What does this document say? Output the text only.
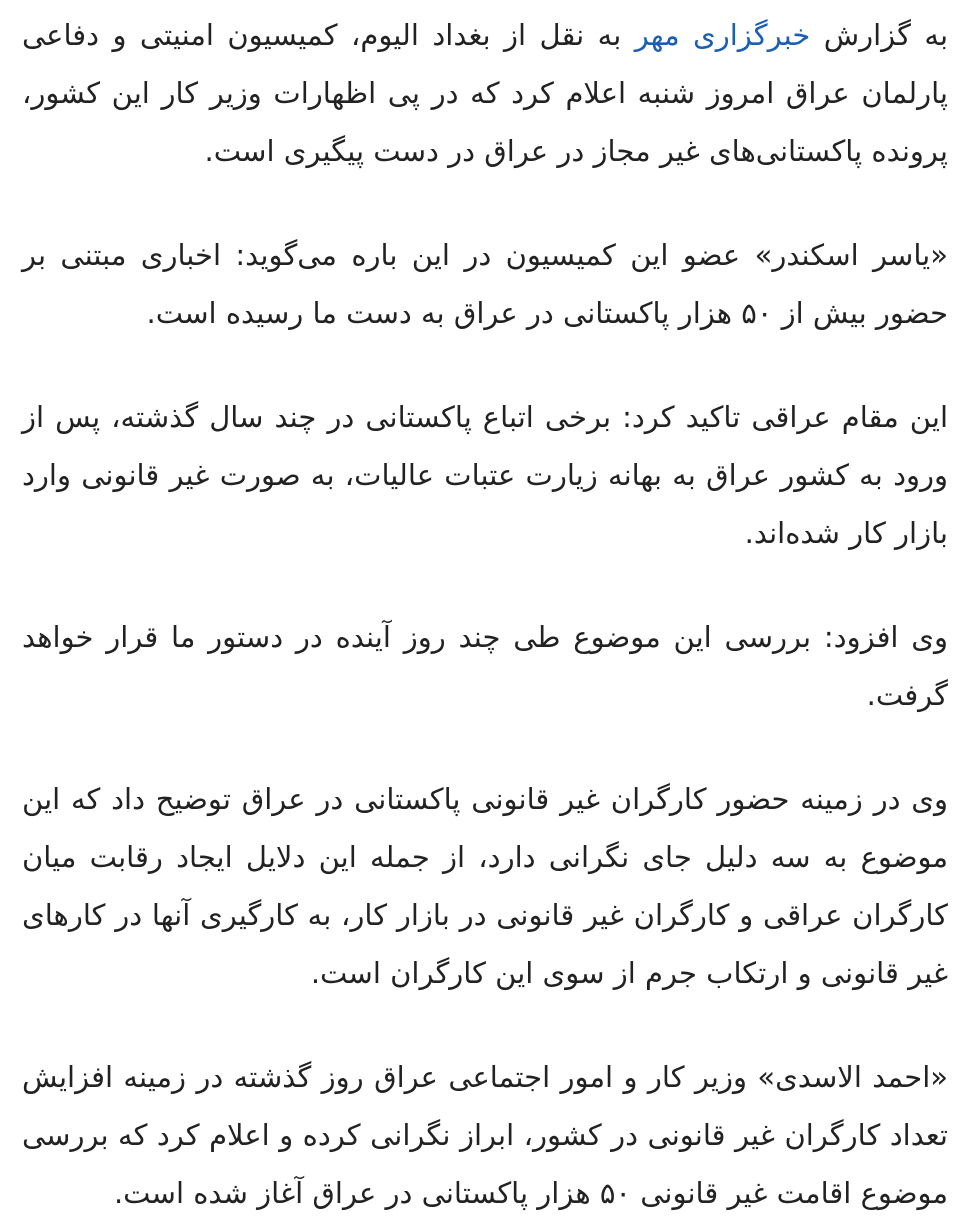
به گزارش خبرگزاری مهر به نقل از بغداد الیوم، کمیسیون امنیتی و دفاعی پارلمان عراق امروز شنبه اعلام کرد که در پی اظهارات وزیر کار این کشور، پرونده پاکستانی‌های غیر مجاز در عراق در دست پیگیری است.

«یاسر اسکندر» عضو این کمیسیون در این باره می‌گوید: اخباری مبتنی بر حضور بیش از ۵۰ هزار پاکستانی در عراق به دست ما رسیده است.

این مقام عراقی تاکید کرد: برخی اتباع پاکستانی در چند سال گذشته، پس از ورود به کشور عراق به بهانه زیارت عتبات عالیات، به صورت غیر قانونی وارد بازار کار شده‌اند.

وی افزود: بررسی این موضوع طی چند روز آینده در دستور ما قرار خواهد گرفت.

وی در زمینه حضور کارگران غیر قانونی پاکستانی در عراق توضیح داد که این موضوع به سه دلیل جای نگرانی دارد، از جمله این دلایل ایجاد رقابت میان کارگران عراقی و کارگران غیر قانونی در بازار کار، به کارگیری آنها در کارهای غیر قانونی و ارتکاب جرم از سوی این کارگران است.

«احمد الاسدی» وزیر کار و امور اجتماعی عراق روز گذشته در زمینه افزایش تعداد کارگران غیر قانونی در کشور، ابراز نگرانی کرده و اعلام کرد که بررسی موضوع اقامت غیر قانونی ۵۰ هزار پاکستانی در عراق آغاز شده است.
